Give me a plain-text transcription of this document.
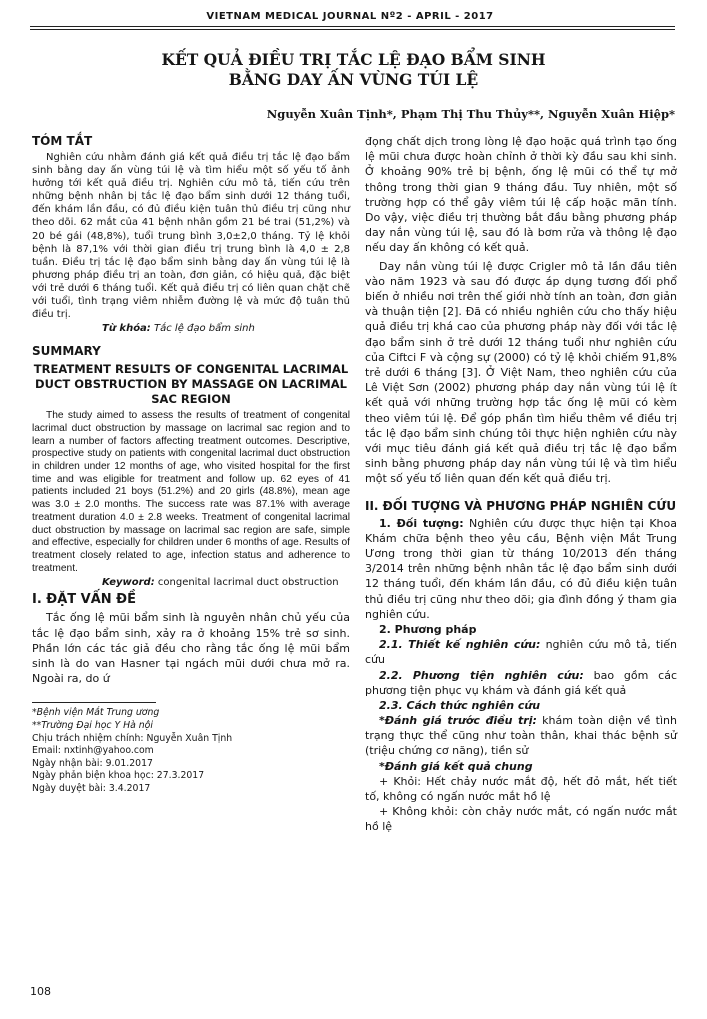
VIETNAM MEDICAL JOURNAL Nº2 - APRIL - 2017
KẾT QUẢ ĐIỀU TRỊ TẮC LỆ ĐẠO BẨM SINH
BẰNG DAY ẤN VÙNG TÚI LỆ
Nguyễn Xuân Tịnh*, Phạm Thị Thu Thủy**, Nguyễn Xuân Hiệp*
TÓM TẮT

Nghiên cứu nhằm đánh giá kết quả điều trị tắc lệ đạo bẩm sinh bằng day ấn vùng túi lệ và tìm hiểu một số yếu tố ảnh hưởng tới kết quả điều trị. Nghiên cứu mô tả, tiến cứu trên những bệnh nhân bị tắc lệ đạo bẩm sinh dưới 12 tháng tuổi, đến khám lần đầu, có đủ điều kiện tuân thủ điều trị cũng như theo dõi. 62 mắt của 41 bệnh nhân gồm 21 bé trai (51,2%) và 20 bé gái (48,8%), tuổi trung bình 3,0±2,0 tháng. Tỷ lệ khỏi bệnh là 87,1% với thời gian điều trị trung bình là 4,0 ± 2,8 tuần. Điều trị tắc lệ đạo bẩm sinh bằng day ấn vùng túi lệ là phương pháp điều trị an toàn, đơn giản, có hiệu quả, đặc biệt với trẻ dưới 6 tháng tuổi. Kết quả điều trị có liên quan chặt chẽ với tuổi, tình trạng viêm nhiễm đường lệ và mức độ tuân thủ điều trị.

Từ khóa: Tắc lệ đạo bẩm sinh

SUMMARY
TREATMENT RESULTS OF CONGENITAL LACRIMAL DUCT OBSTRUCTION BY MASSAGE ON LACRIMAL SAC REGION

The study aimed to assess the results of treatment of congenital lacrimal duct obstruction by massage on lacrimal sac region and to learn a number of factors affecting treatment outcomes. Descriptive, prospective study on patients with congenital lacrimal duct obstruction in children under 12 months of age, who visited hospital for the first time and was eligible for treatment and follow up. 62 eyes of 41 patients included 21 boys (51.2%) and 20 girls (48.8%), mean age was 3.0 ± 2.0 months. The success rate was 87.1% with average treatment duration 4.0 ± 2.8 weeks. Treatment of congenital lacrimal duct obstruction by massage on lacrimal sac region are safe, simple and effective, especially for children under 6 months of age. Results of treatment closely related to age, infection status and adherence to treatment.

Keyword: congenital lacrimal duct obstruction

I. ĐẶT VẤN ĐỀ

Tắc ống lệ mũi bẩm sinh là nguyên nhân chủ yếu của tắc lệ đạo bẩm sinh, xảy ra ở khoảng 15% trẻ sơ sinh. Phần lớn các tác giả đều cho rằng tắc ống lệ mũi bẩm sinh là do van Hasner tại ngách mũi dưới chưa mở ra. Ngoài ra, do ứ

*Bệnh viện Mắt Trung ương

**Trường Đại học Y Hà nội

Chịu trách nhiệm chính: Nguyễn Xuân Tịnh

Email: nxtinh@yahoo.com

Ngày nhận bài: 9.01.2017

Ngày phản biện khoa học: 27.3.2017

Ngày duyệt bài: 3.4.2017

đọng chất dịch trong lòng lệ đạo hoặc quá trình tạo ống lệ mũi chưa được hoàn chỉnh ở thời kỳ đầu sau khi sinh. Ở khoảng 90% trẻ bị bệnh, ống lệ mũi có thể tự mở thông trong thời gian 9 tháng đầu. Tuy nhiên, một số trường hợp có thể gây viêm túi lệ cấp hoặc mãn tính. Do vậy, việc điều trị thường bắt đầu bằng phương pháp day nắn vùng túi lệ, sau đó là bơm rửa và thông lệ đạo nếu day ấn không có kết quả.

Day nắn vùng túi lệ được Crigler mô tả lần đầu tiên vào năm 1923 và sau đó được áp dụng tương đối phổ biến ở nhiều nơi trên thế giới nhờ tính an toàn, đơn giản và thuận tiện [2]. Đã có nhiều nghiên cứu cho thấy hiệu quả điều trị khá cao của phương pháp này đối với tắc lệ đạo bẩm sinh ở trẻ dưới 12 tháng tuổi như nghiên cứu của Ciftci F và cộng sự (2000) có tỷ lệ khỏi chiếm 91,8% trẻ dưới 6 tháng [3]. Ở Việt Nam, theo nghiên cứu của Lê Việt Sơn (2002) phương pháp day nắn vùng túi lệ ít kết quả với những trường hợp tắc ống lệ mũi có kèm theo viêm túi lệ. Để góp phần tìm hiểu thêm về điều trị tắc lệ đạo bẩm sinh chúng tôi thực hiện nghiên cứu này với mục tiêu đánh giá kết quả điều trị tắc lệ đạo bẩm sinh bằng phương pháp day nắn vùng túi lệ và tìm hiểu một số yếu tố liên quan đến kết quả điều trị.

II. ĐỐI TƯỢNG VÀ PHƯƠNG PHÁP NGHIÊN CỨU

1. Đối tượng: Nghiên cứu được thực hiện tại Khoa Khám chữa bệnh theo yêu cầu, Bệnh viện Mắt Trung Ương trong thời gian từ tháng 10/2013 đến tháng 3/2014 trên những bệnh nhân tắc lệ đạo bẩm sinh dưới 12 tháng tuổi, đến khám lần đầu, có đủ điều kiện tuân thủ điều trị cũng như theo dõi; gia đình đồng ý tham gia nghiên cứu.

2. Phương pháp

2.1. Thiết kế nghiên cứu: nghiên cứu mô tả, tiến cứu

2.2. Phương tiện nghiên cứu: bao gồm các phương tiện phục vụ khám và đánh giá kết quả

2.3. Cách thức nghiên cứu

*Đánh giá trước điều trị: khám toàn diện về tình trạng thực thể cũng như toàn thân, khai thác bệnh sử (triệu chứng cơ năng), tiền sử

*Đánh giá kết quả chung

+ Khỏi: Hết chảy nước mắt độ, hết đỏ mắt, hết tiết tố, không có ngấn nước mắt hồ lệ

+ Không khỏi: còn chảy nước mắt, có ngấn nước mắt hồ lệ

108
